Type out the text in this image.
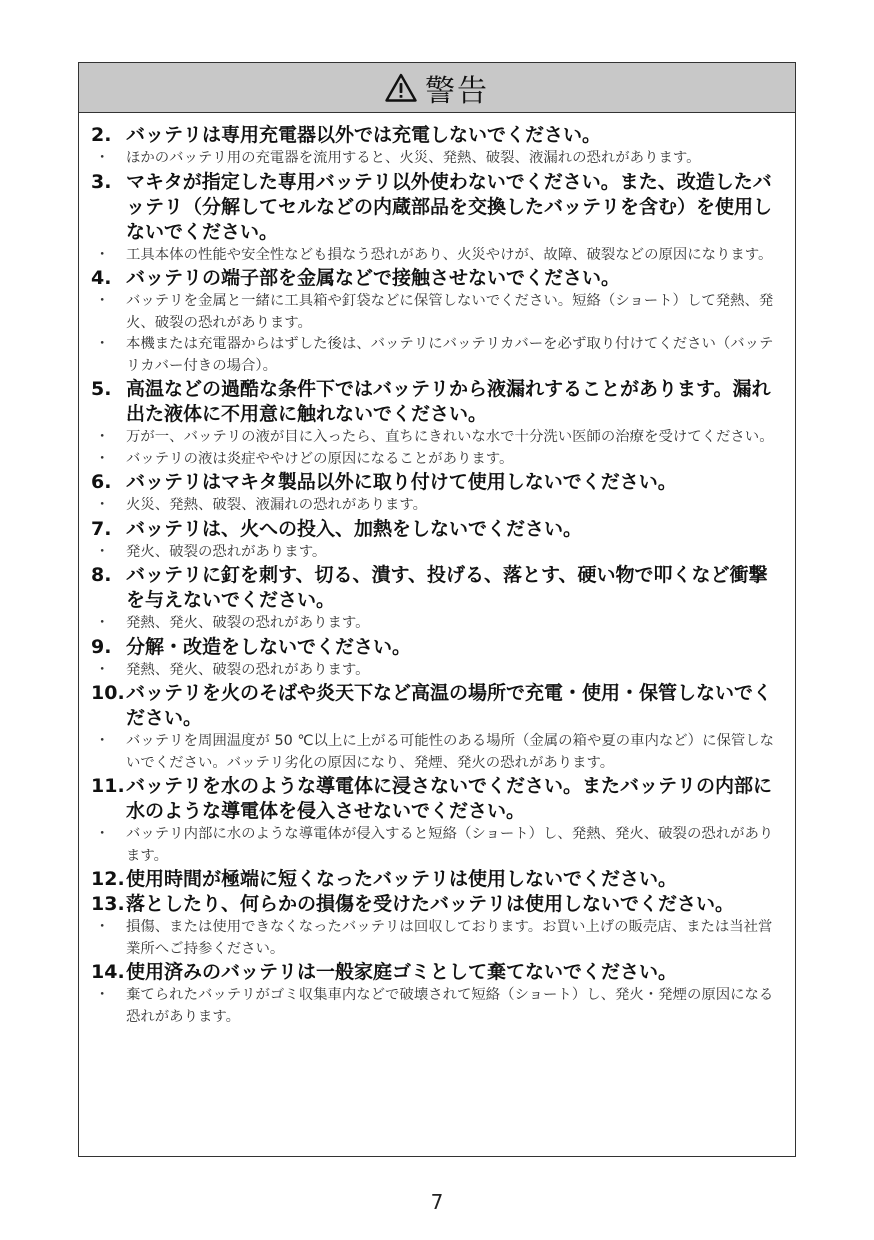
警告
2. バッテリは専用充電器以外では充電しないでください。
・	ほかのバッテリ用の充電器を流用すると、火災、発熱、破裂、液漏れの恐れがあります。
3. マキタが指定した専用バッテリ以外使わないでください。また、改造したバッテリ（分解してセルなどの内蔵部品を交換したバッテリを含む）を使用しないでください。
・	工具本体の性能や安全性なども損なう恐れがあり、火災やけが、故障、破裂などの原因になります。
4. バッテリの端子部を金属などで接触させないでください。
・	バッテリを金属と一緒に工具箱や釘袋などに保管しないでください。短絡（ショート）して発熱、発火、破裂の恐れがあります。
・	本機または充電器からはずした後は、バッテリにバッテリカバーを必ず取り付けてください（バッテリカバー付きの場合）。
5. 高温などの過酷な条件下ではバッテリから液漏れすることがあります。漏れ出た液体に不用意に触れないでください。
・	万が一、バッテリの液が目に入ったら、直ちにきれいな水で十分洗い医師の治療を受けてください。
・	バッテリの液は炎症ややけどの原因になることがあります。
6. バッテリはマキタ製品以外に取り付けて使用しないでください。
・	火災、発熱、破裂、液漏れの恐れがあります。
7. バッテリは、火への投入、加熱をしないでください。
・	発火、破裂の恐れがあります。
8. バッテリに釘を刺す、切る、潰す、投げる、落とす、硬い物で叩くなど衝撃を与えないでください。
・	発熱、発火、破裂の恐れがあります。
9. 分解・改造をしないでください。
・	発熱、発火、破裂の恐れがあります。
10. バッテリを火のそばや炎天下など高温の場所で充電・使用・保管しないでください。
・	バッテリを周囲温度が 50 ℃以上に上がる可能性のある場所（金属の箱や夏の車内など）に保管しないでください。バッテリ劣化の原因になり、発煙、発火の恐れがあります。
11. バッテリを水のような導電体に浸さないでください。またバッテリの内部に水のような導電体を侵入させないでください。
・	バッテリ内部に水のような導電体が侵入すると短絡（ショート）し、発熱、発火、破裂の恐れがあります。
12. 使用時間が極端に短くなったバッテリは使用しないでください。
13. 落としたり、何らかの損傷を受けたバッテリは使用しないでください。
・	損傷、または使用できなくなったバッテリは回収しております。お買い上げの販売店、または当社営業所へご持参ください。
14. 使用済みのバッテリは一般家庭ゴミとして棄てないでください。
・	棄てられたバッテリがゴミ収集車内などで破壊されて短絡（ショート）し、発火・発煙の原因になる恐れがあります。
7
